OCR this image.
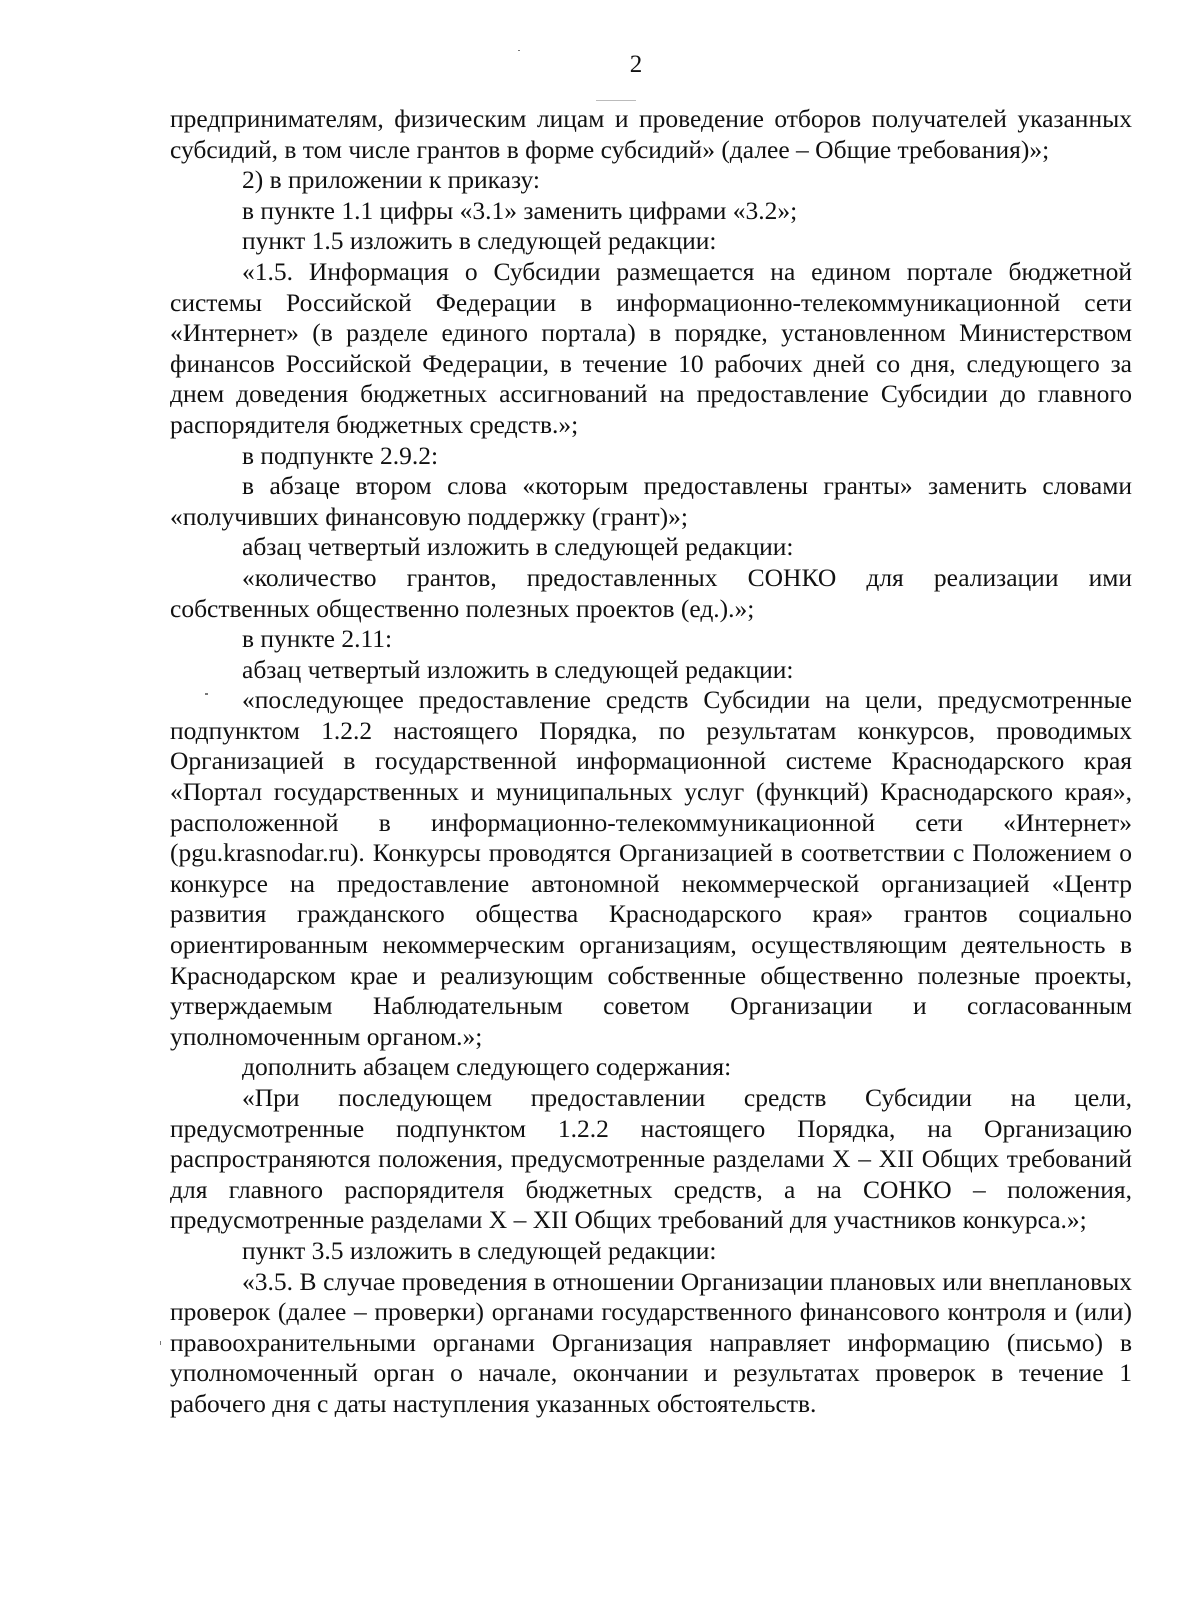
2

предпринимателям, физическим лицам и проведение отборов получателей указанных субсидий, в том числе грантов в форме субсидий» (далее – Общие требования)»;

2) в приложении к приказу:

в пункте 1.1 цифры «3.1» заменить цифрами «3.2»;

пункт 1.5 изложить в следующей редакции:

«1.5. Информация о Субсидии размещается на едином портале бюджетной системы Российской Федерации в информационно-телекоммуникационной сети «Интернет» (в разделе единого портала) в порядке, установленном Министерством финансов Российской Федерации, в течение 10 рабочих дней со дня, следующего за днем доведения бюджетных ассигнований на предоставление Субсидии до главного распорядителя бюджетных средств.»;

в подпункте 2.9.2:

в абзаце втором слова «которым предоставлены гранты» заменить словами «получивших финансовую поддержку (грант)»;

абзац четвертый изложить в следующей редакции:

«количество грантов, предоставленных СОНКО для реализации ими собственных общественно полезных проектов (ед.).»;

в пункте 2.11:

абзац четвертый изложить в следующей редакции:

«последующее предоставление средств Субсидии на цели, предусмотренные подпунктом 1.2.2 настоящего Порядка, по результатам конкурсов, проводимых Организацией в государственной информационной системе Краснодарского края «Портал государственных и муниципальных услуг (функций) Краснодарского края», расположенной в информационно-телекоммуникационной сети «Интернет» (pgu.krasnodar.ru). Конкурсы проводятся Организацией в соответствии с Положением о конкурсе на предоставление автономной некоммерческой организацией «Центр развития гражданского общества Краснодарского края» грантов социально ориентированным некоммерческим организациям, осуществляющим деятельность в Краснодарском крае и реализующим собственные общественно полезные проекты, утверждаемым Наблюдательным советом Организации и согласованным уполномоченным органом.»;

дополнить абзацем следующего содержания:

«При последующем предоставлении средств Субсидии на цели, предусмотренные подпунктом 1.2.2 настоящего Порядка, на Организацию распространяются положения, предусмотренные разделами X – XII Общих требований для главного распорядителя бюджетных средств, а на СОНКО – положения, предусмотренные разделами X – XII Общих требований для участников конкурса.»;

пункт 3.5 изложить в следующей редакции:

«3.5. В случае проведения в отношении Организации плановых или внеплановых проверок (далее – проверки) органами государственного финансового контроля и (или) правоохранительными органами Организация направляет информацию (письмо) в уполномоченный орган о начале, окончании и результатах проверок в течение 1 рабочего дня с даты наступления указанных обстоятельств.
